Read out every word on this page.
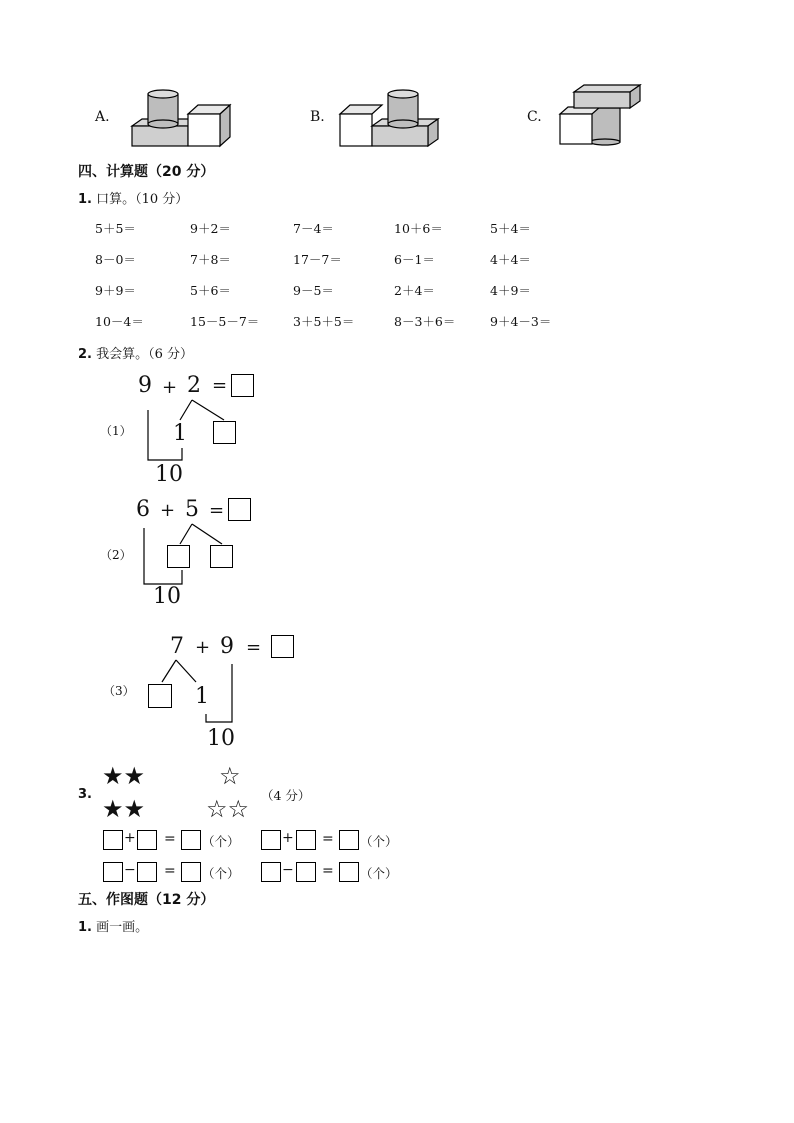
A.	B.	C.
四、计算题（20 分）
1. 口算。（10 分）
5＋5＝	9＋2＝	7－4＝	10＋6＝	5＋4＝
8－0＝	7＋8＝	17－7＝	6－1＝	4＋4＝
9＋9＝	5＋6＝	9－5＝	2＋4＝	4＋9＝
10－4＝	15－5－7＝	3＋5＋5＝	8－3＋6＝	9＋4－3＝
2. 我会算。（6 分）
（1）
9 + 2 =
1
10
（2）
6 + 5 =
10
（3）
7 + 9 =
1
10
3.
★★
★★
☆
☆☆ （4 分）
+ = （个）	+ = （个）
− = （个）	− = （个）
五、作图题（12 分）
1. 画一画。
